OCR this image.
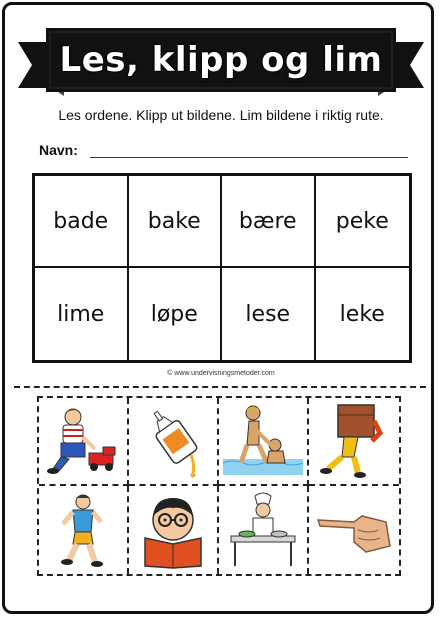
Les, klipp og lim
Les ordene. Klipp ut bildene. Lim bildene i riktig rute.
Navn:
bade	bake	bære	peke
lime	løpe	lese	leke
© www.undervisningsmetoder.com
